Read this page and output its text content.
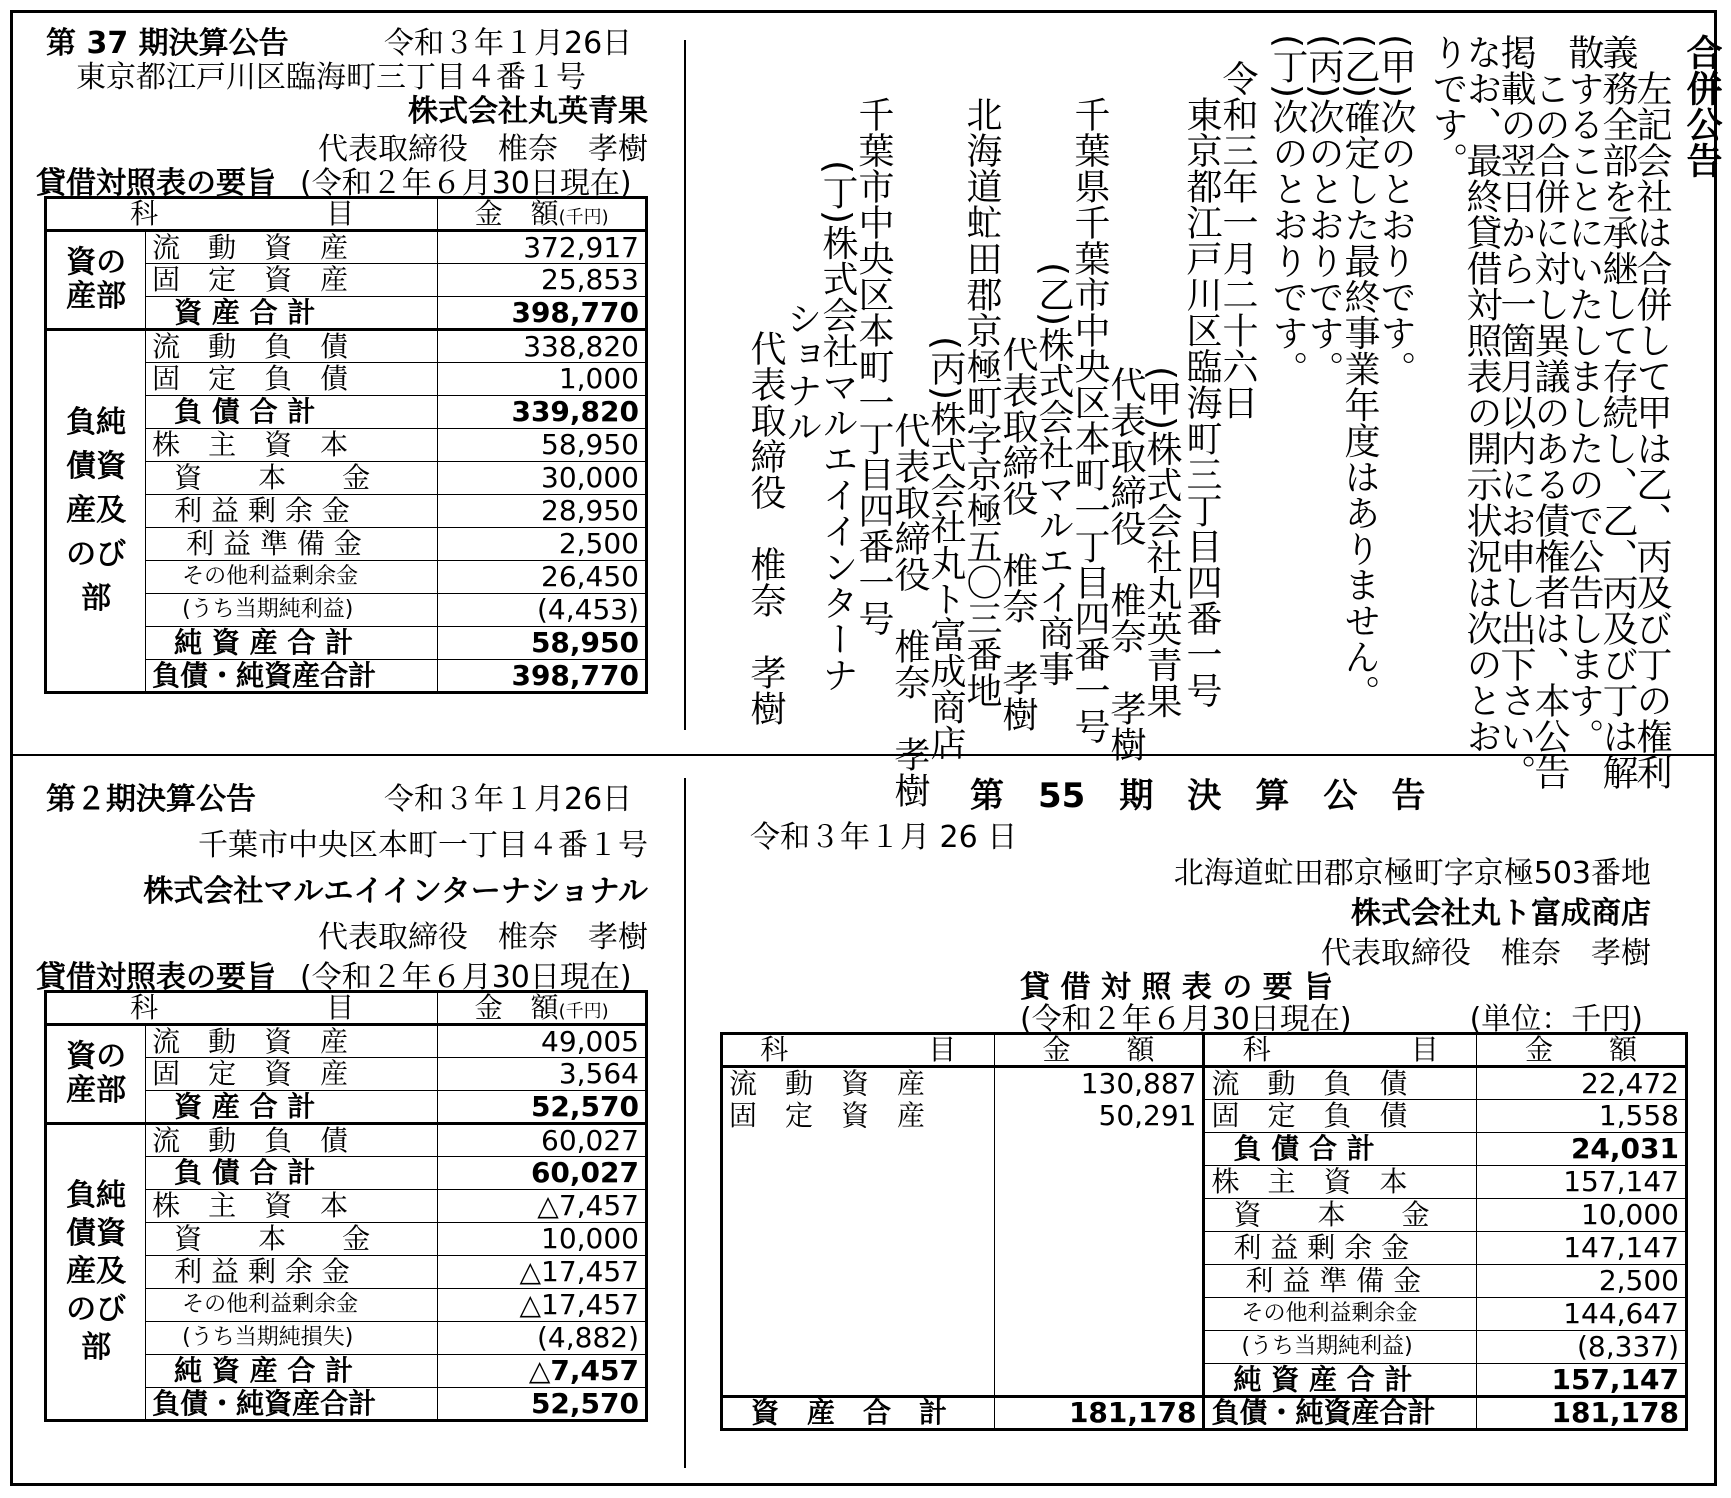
第 37 期決算公告	令和３年１月26日
東京都江戸川区臨海町三丁目４番１号
株式会社丸英青果
代表取締役　椎奈　孝樹
貸借対照表の要旨 (令和２年６月30日現在)
科　　　　　　目		金　額(千円)

資の産部	流　動　資　産	372,917
	固　定　資　産	25,853
	資 産 合 計	398,770

負純債資産及のび部	流　動　負　債	338,820
	固　定　負　債	1,000
	負 債 合 計	339,820
	株　主　資　本	58,950
	資　　本　　金	30,000
	利 益 剰 余 金	28,950
	利 益 準 備 金	2,500
	その他利益剰余金	26,450
	(うち当期純利益)	(4,453)
	純 資 産 合 計	58,950
	負債・純資産合計	398,770
合併公告
　左記会社は合併して甲は乙、丙及び丁の権利
義務全部を承継して存続し、乙、丙及び丁は解
散することにいたしましたので公告します。
　この合併に対し異議のある債権者は、本公告
掲載の翌日から一箇月以内にお申し出下さい。
なお、最終貸借対照表の開示状況は次のとお
りです。
(甲)次のとおりです。
(乙)確定した最終事業年度はありません。
(丙)次のとおりです。
(丁)次のとおりです。
令和三年一月二十六日
東京都江戸川区臨海町三丁目四番一号
　(甲)株式会社丸英青果
　代表取締役　椎奈　孝樹
千葉県千葉市中央区本町一丁目四番一号
　(乙)株式会社マルエイ商事
　代表取締役　椎奈　孝樹
北海道虻田郡京極町字京極五〇三番地
　(丙)株式会社丸ト富成商店
　代表取締役　椎奈　孝樹
千葉市中央区本町一丁目四番一号
(丁)株式会社マルエイインターナ
ショナル
代表取締役　椎奈　孝樹
第２期決算公告	令和３年１月26日
千葉市中央区本町一丁目４番１号
株式会社マルエイインターナショナル
代表取締役　椎奈　孝樹
貸借対照表の要旨 (令和２年６月30日現在)
科　　　　　　目		金　額(千円)

資の産部	流　動　資　産	49,005
	固　定　資　産	3,564
	資 産 合 計	52,570

負純債資産及のび部	流　動　負　債	60,027
	負 債 合 計	60,027
	株　主　資　本	△7,457
	資　　本　　金	10,000
	利 益 剰 余 金	△17,457
	その他利益剰余金	△17,457
	(うち当期純損失)	(4,882)
	純 資 産 合 計	△7,457
	負債・純資産合計	52,570
第　55　期　決　算　公　告
令和３年１月 26 日
北海道虻田郡京極町字京極503番地
株式会社丸ト富成商店
代表取締役　椎奈　孝樹
貸 借 対 照 表 の 要 旨
(令和２年６月30日現在)	(単位：千円)
科　　　　　目	金　　額	科　　　　　目	金　　額
流　動　資　産	130,887	流　動　負　債	22,472
固　定　資　産	50,291	固　定　負　債	1,558
		負 債 合 計	24,031
		株　主　資　本	157,147
		資　　本　　金	10,000
		利 益 剰 余 金	147,147
		利 益 準 備 金	2,500
		その他利益剰余金	144,647
		(うち当期純利益)	(8,337)
		純 資 産 合 計	157,147
資　産　合　計	181,178	負債・純資産合計	181,178
